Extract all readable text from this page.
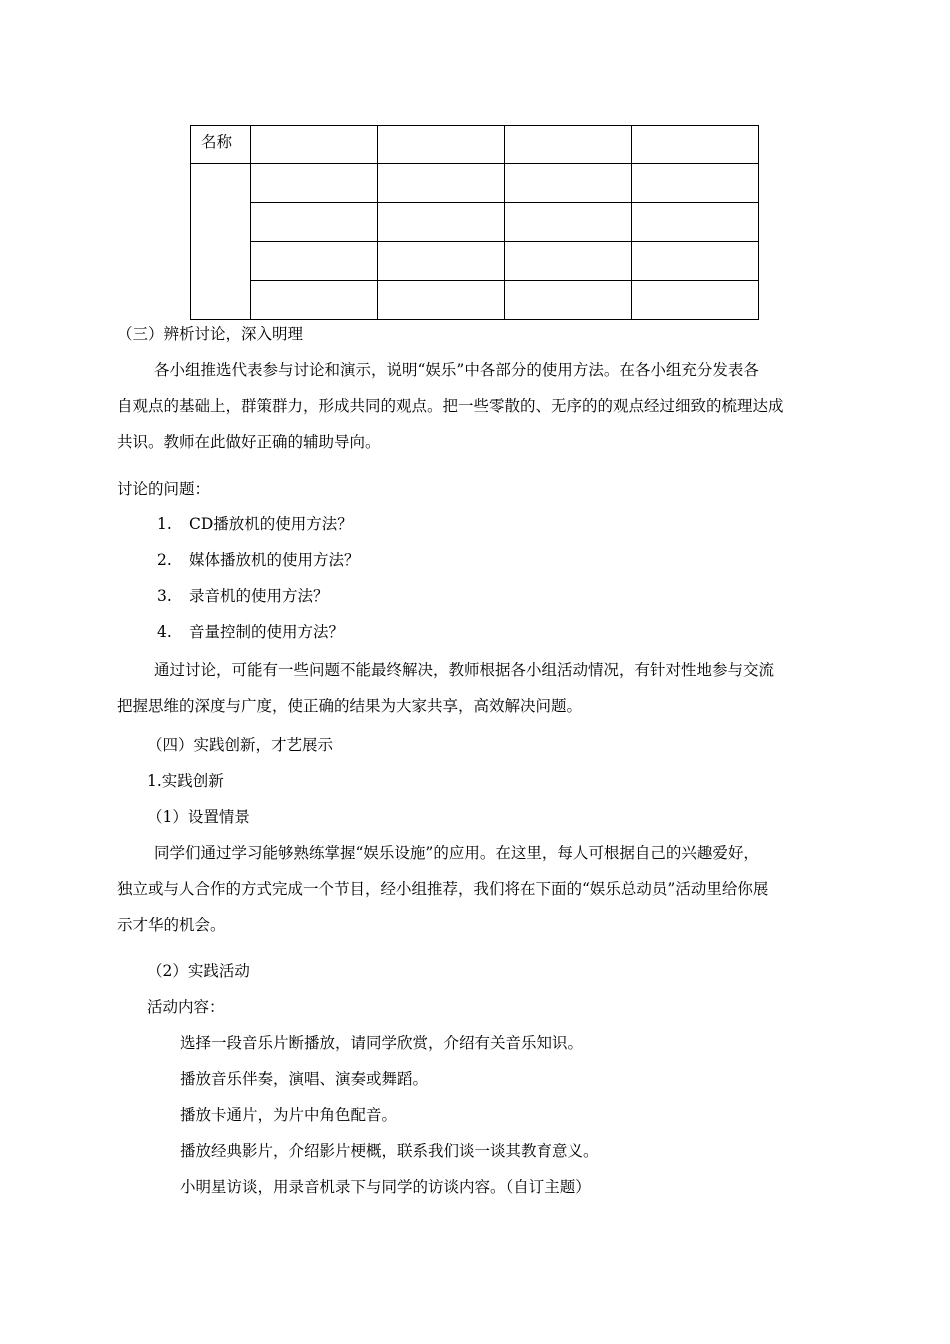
名称				

（三）辨析讨论，深入明理
各小组推选代表参与讨论和演示，说明“娱乐”中各部分的使用方法。在各小组充分发表各
自观点的基础上，群策群力，形成共同的观点。把一些零散的、无序的的观点经过细致的梳理达成
共识。教师在此做好正确的辅助导向。
讨论的问题：
1. CD播放机的使用方法？
2. 媒体播放机的使用方法？
3. 录音机的使用方法？
4. 音量控制的使用方法？
通过讨论，可能有一些问题不能最终解决，教师根据各小组活动情况，有针对性地参与交流
把握思维的深度与广度，使正确的结果为大家共享，高效解决问题。
（四）实践创新，才艺展示
1.实践创新
（1）设置情景
同学们通过学习能够熟练掌握“娱乐设施”的应用。在这里，每人可根据自己的兴趣爱好，
独立或与人合作的方式完成一个节目，经小组推荐，我们将在下面的“娱乐总动员”活动里给你展
示才华的机会。
（2）实践活动
活动内容：
选择一段音乐片断播放，请同学欣赏，介绍有关音乐知识。
播放音乐伴奏，演唱、演奏或舞蹈。
播放卡通片，为片中角色配音。
播放经典影片，介绍影片梗概，联系我们谈一谈其教育意义。
小明星访谈，用录音机录下与同学的访谈内容。（自订主题）
